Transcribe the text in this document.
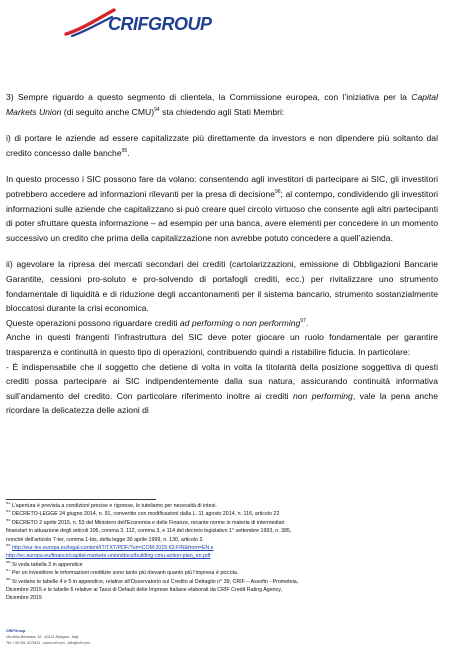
CRIFGROUP

3) Sempre riguardo a questo segmento di clientela, la Commissione europea, con l’iniziativa per la Capital Markets Union (di seguito anche CMU)$^{94}$ sta chiedendo agli Stati Membri:

i) di portare le aziende ad essere capitalizzate più direttamente da investors e non dipendere più soltanto dal credito concesso dalle banche$^{95}$.

In questo processo i SIC possono fare da volano: consentendo agli investitori di partecipare ai SIC, gli investitori potrebbero accedere ad informazioni rilevanti per la presa di decisione$^{96}$; al contempo, condividendo gli investitori informazioni sulle aziende che capitalizzano si può creare quel circolo virtuoso che consente agli altri partecipanti di poter sfruttare questa informazione – ad esempio per una banca, avere elementi per concedere in un momento successivo un credito che prima della capitalizzazione non avrebbe potuto concedere a quell’azienda.

ii) agevolare la ripresa dei mercati secondari dei crediti (cartolarizzazioni, emissione di Obbligazioni Bancarie Garantite, cessioni pro-soluto e pro-solvendo di portafogli crediti, ecc.) per rivitalizzare uno strumento fondamentale di liquidità e di riduzione degli accantonamenti per il sistema bancario, strumento sostanzialmente bloccatosi durante la crisi economica.
Queste operazioni possono riguardare crediti ad performing o non performing$^{97}$.
Anche in questi frangenti l’infrastruttura del SIC deve poter giocare un ruolo fondamentale per garantire trasparenza e continuità in questo tipo di operazioni, contribuendo quindi a ristabilire fiducia. In particolare:
- È indispensabile che il soggetto che detiene di volta in volta la titolarità della posizione soggettiva di questi crediti possa partecipare ai SIC indipendentemente dalla sua natura, assicurando continuità informativa sull’andamento del credito. Con particolare riferimento inoltre ai crediti non performing, vale la pena anche ricordare la delicatezza delle azioni di

$^{92}$ L’apertura è prevista a condizioni precise e rigorose, le tuteliamo per necessità di intesi.
$^{93}$ DECRETO-LEGGE 24 giugno 2014, n. 91, convertito con modificazioni dalla L. 11 agosto 2014, n. 116, articolo 22.
$^{94}$ DECRETO 2 aprile 2015, n. 53 del Ministero dell’Economia e delle Finanze, recante norme in materia di intermediari
finanziari in attuazione degli articoli 106, comma 3, 112, comma 3, e 114 del decreto legislativo 1° settembre 1993, n. 385,
nonché dell’articolo 7-ter, comma 1-bis, della legge 30 aprile 1999, n. 130, articolo 2.
$^{95}$ http://eur-lex.europa.eu/legal-content/IT/TXT/PDF/?uri=COM:2015:63:FIN&from=EN e
http://ec.europa.eu/finance/capital-markets-union/docs/building-cmu-action-plan_en.pdf
$^{96}$ Si veda tabella 3 in appendice
$^{97}$ Per un investitore le informazioni creditizie sono tanto più rilevanti quanto più l’impresa è piccola.
$^{98}$ Si vedano le tabelle 4 e 5 in appendice, relative all’Osservatorio sul Credito al Dettaglio n° 39, CRIF – Assofin - Prometeia,
Dicembre 2015 e le tabelle 6 relative ai Tassi di Default delle Imprese Italiane elaborati da CRIF Credit Rating Agency,
Dicembre 2015
CRIFGroup
Via della Beverara, 19 - 40131 Bologna - Italy
Tel. +39 051 4176111 - www.crif.com - info@crif.com
